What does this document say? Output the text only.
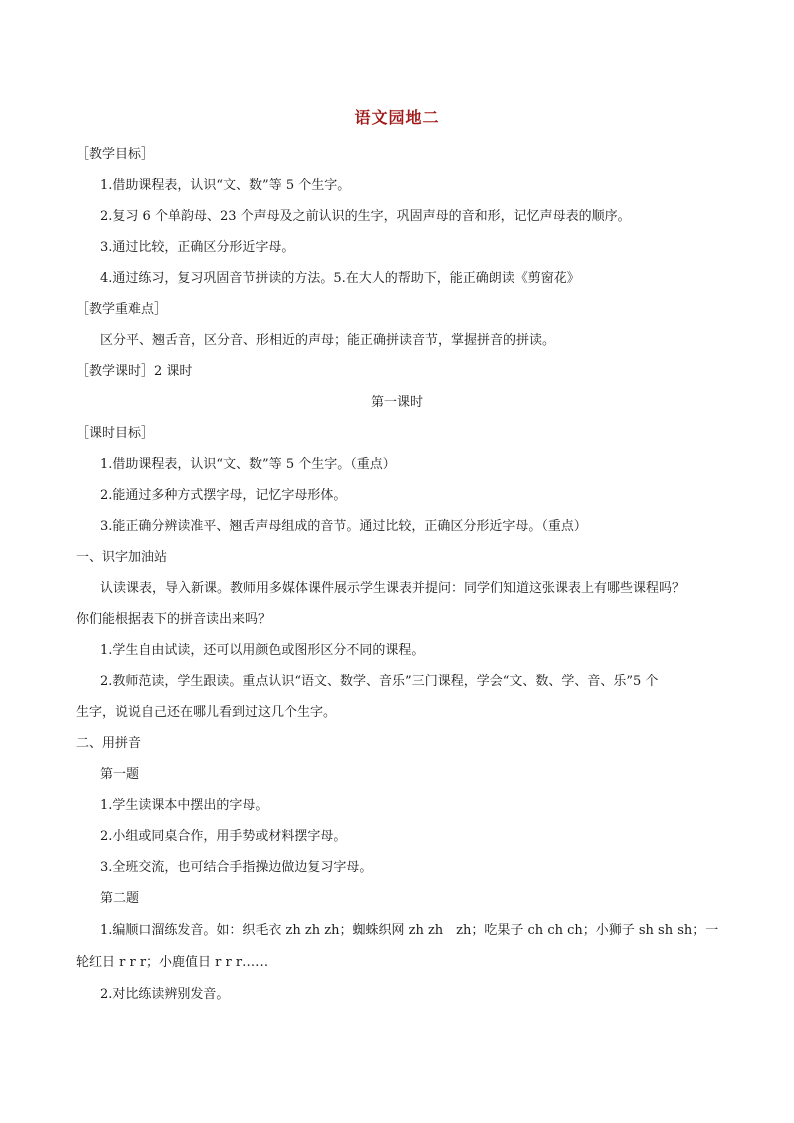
语文园地二
［教学目标］
1.借助课程表，认识“文、数”等 5 个生字。
2.复习 6 个单韵母、23 个声母及之前认识的生字，巩固声母的音和形，记忆声母表的顺序。
3.通过比较，正确区分形近字母。
4.通过练习，复习巩固音节拼读的方法。5.在大人的帮助下，能正确朗读《剪窗花》
［教学重难点］
区分平、翘舌音，区分音、形相近的声母；能正确拼读音节，掌握拼音的拼读。
［教学课时］2 课时
第一课时
［课时目标］
1.借助课程表，认识“文、数”等 5 个生字。（重点）
2.能通过多种方式摆字母，记忆字母形体。
3.能正确分辨读准平、翘舌声母组成的音节。通过比较，正确区分形近字母。（重点）
一、识字加油站
认读课表，导入新课。教师用多媒体课件展示学生课表并提问：同学们知道这张课表上有哪些课程吗？
你们能根据表下的拼音读出来吗？
1.学生自由试读，还可以用颜色或图形区分不同的课程。
2.教师范读，学生跟读。重点认识“语文、数学、音乐”三门课程，学会“文、数、学、音、乐”5 个
生字，说说自己还在哪儿看到过这几个生字。
二、用拼音
第一题
1.学生读课本中摆出的字母。
2.小组或同桌合作，用手势或材料摆字母。
3.全班交流，也可结合手指操边做边复习字母。
第二题
1.编顺口溜练发音。如：织毛衣 zh zh zh；蜘蛛织网 zh zh　zh；吃果子 ch ch ch；小狮子 sh sh sh；一
轮红日 r r r；小鹿值日 r r r……
2.对比练读辨别发音。
